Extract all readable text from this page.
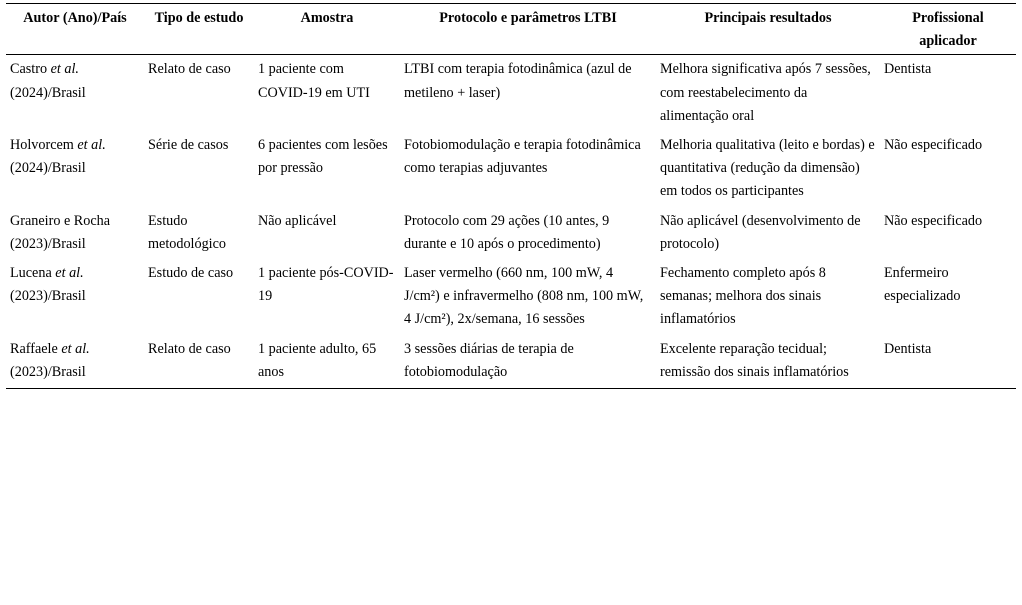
Autor (Ano)/País	Tipo de estudo	Amostra	Protocolo e parâmetros LTBI	Principais resultados	Profissional aplicador
Castro et al.
(2024)/Brasil	Relato de caso	1 paciente com COVID-19 em UTI	LTBI com terapia fotodinâmica (azul de metileno + laser)	Melhora significativa após 7 sessões, com reestabelecimento da alimentação oral	Dentista
Holvorcem et al.
(2024)/Brasil	Série de casos	6 pacientes com lesões por pressão	Fotobiomodulação e terapia fotodinâmica como terapias adjuvantes	Melhoria qualitativa (leito e bordas) e quantitativa (redução da dimensão) em todos os participantes	Não especificado
Graneiro e Rocha
(2023)/Brasil	Estudo metodológico	Não aplicável	Protocolo com 29 ações (10 antes, 9 durante e 10 após o procedimento)	Não aplicável (desenvolvimento de protocolo)	Não especificado
Lucena et al.
(2023)/Brasil	Estudo de caso	1 paciente pós-COVID-19	Laser vermelho (660 nm, 100 mW, 4 J/cm²) e infravermelho (808 nm, 100 mW, 4 J/cm²), 2x/semana, 16 sessões	Fechamento completo após 8 semanas; melhora dos sinais inflamatórios	Enfermeiro especializado
Raffaele et al.
(2023)/Brasil	Relato de caso	1 paciente adulto, 65 anos	3 sessões diárias de terapia de fotobiomodulação	Excelente reparação tecidual; remissão dos sinais inflamatórios	Dentista
